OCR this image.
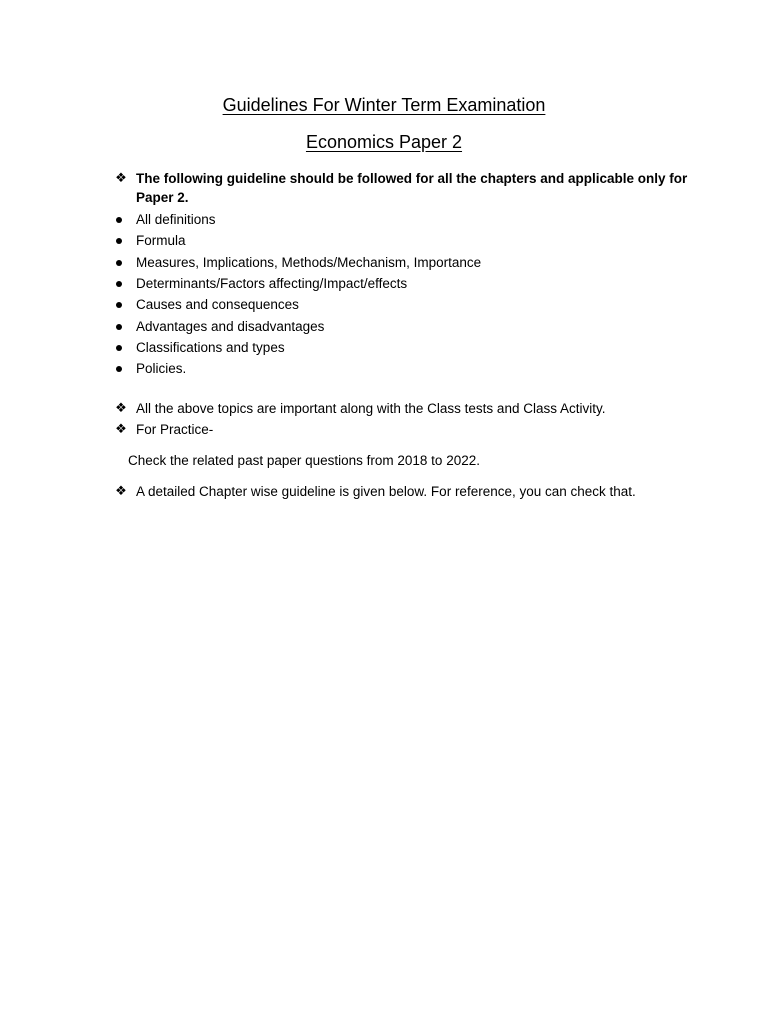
Guidelines For Winter Term Examination
Economics Paper 2
❖ The following guideline should be followed for all the chapters and applicable only for
Paper 2.
All definitions
Formula
Measures, Implications, Methods/Mechanism, Importance
Determinants/Factors affecting/Impact/effects
Causes and consequences
Advantages and disadvantages
Classifications and types
Policies.
❖ All the above topics are important along with the Class tests and Class Activity.
❖ For Practice-
Check the related past paper questions from 2018 to 2022.
❖ A detailed Chapter wise guideline is given below. For reference, you can check that.
